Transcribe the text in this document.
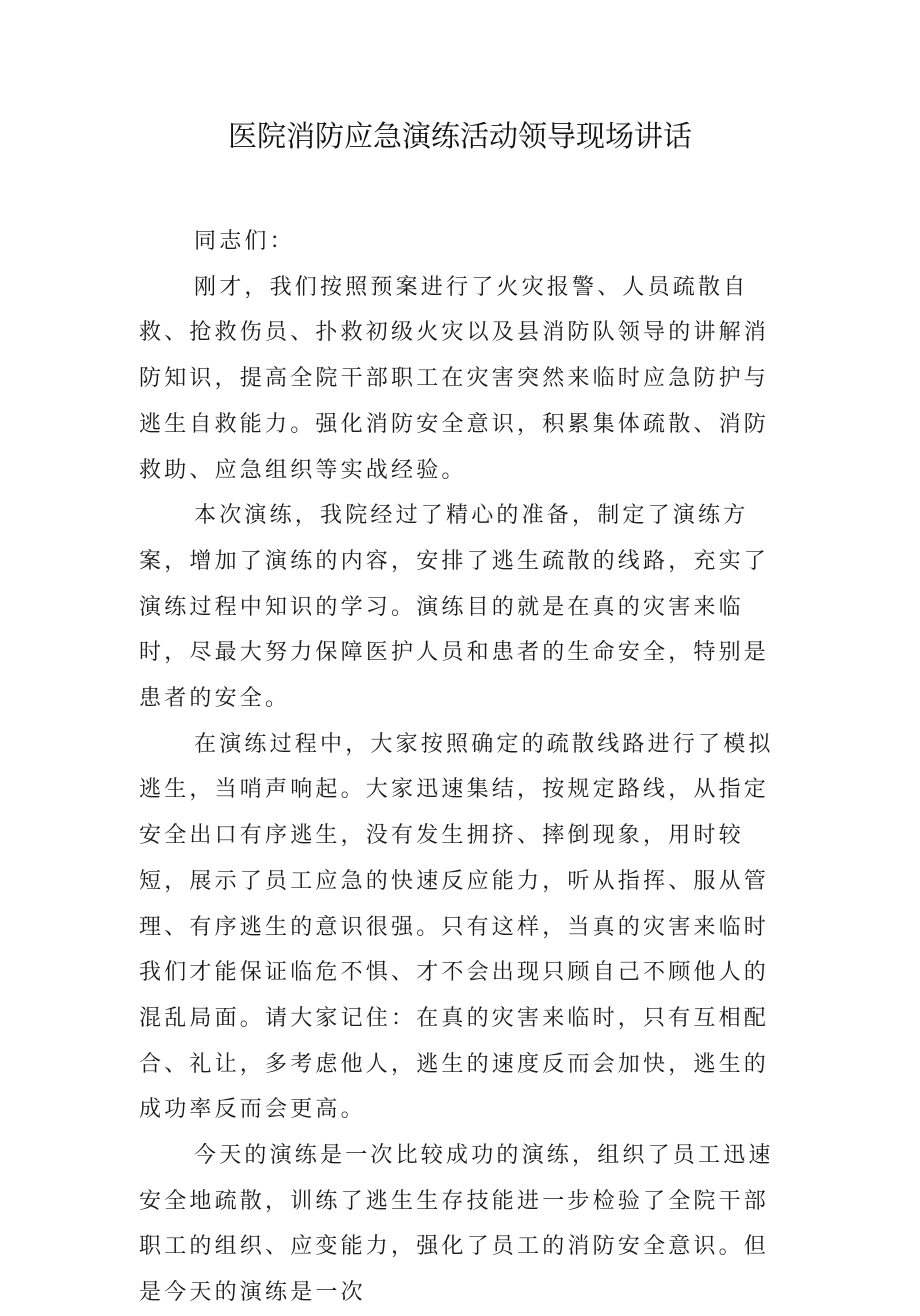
医院消防应急演练活动领导现场讲话

同志们：

刚才，我们按照预案进行了火灾报警、人员疏散自救、抢救伤员、扑救初级火灾以及县消防队领导的讲解消防知识，提高全院干部职工在灾害突然来临时应急防护与逃生自救能力。强化消防安全意识，积累集体疏散、消防救助、应急组织等实战经验。

本次演练，我院经过了精心的准备，制定了演练方案，增加了演练的内容，安排了逃生疏散的线路，充实了演练过程中知识的学习。演练目的就是在真的灾害来临时，尽最大努力保障医护人员和患者的生命安全，特别是患者的安全。

在演练过程中，大家按照确定的疏散线路进行了模拟逃生，当哨声响起。大家迅速集结，按规定路线，从指定安全出口有序逃生，没有发生拥挤、摔倒现象，用时较短，展示了员工应急的快速反应能力，听从指挥、服从管理、有序逃生的意识很强。只有这样，当真的灾害来临时我们才能保证临危不惧、才不会出现只顾自己不顾他人的混乱局面。请大家记住：在真的灾害来临时，只有互相配合、礼让，多考虑他人，逃生的速度反而会加快，逃生的成功率反而会更高。

今天的演练是一次比较成功的演练，组织了员工迅速安全地疏散，训练了逃生生存技能进一步检验了全院干部职工的组织、应变能力，强化了员工的消防安全意识。但是今天的演练是一次
